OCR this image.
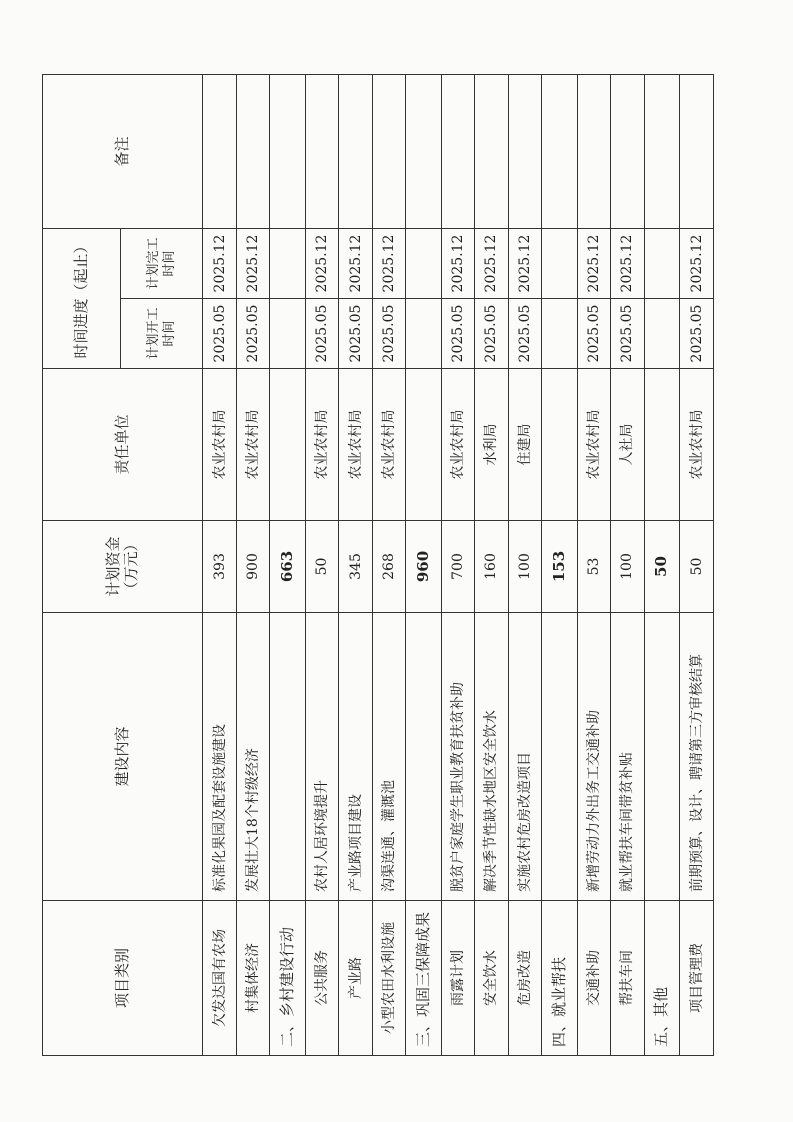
项目类别	建设内容	计划资金（万元）	责任单位	时间进度（起止）		备注
				计划开工时间	计划完工时间	
欠发达国有农场	标准化果园及配套设施建设	393	农业农村局	2025.05	2025.12	
村集体经济	发展壮大18个村级经济	900	农业农村局	2025.05	2025.12	
二、乡村建设行动		663				
公共服务	农村人居环境提升	50	农业农村局	2025.05	2025.12	
产业路	产业路项目建设	345	农业农村局	2025.05	2025.12	
小型农田水利设施	沟渠连通、灌溉池	268	农业农村局	2025.05	2025.12	
三、巩固三保障成果		960				
雨露计划	脱贫户家庭学生职业教育扶贫补助	700	农业农村局	2025.05	2025.12	
安全饮水	解决季节性缺水地区安全饮水	160	水利局	2025.05	2025.12	
危房改造	实施农村危房改造项目	100	住建局	2025.05	2025.12	
四、就业帮扶		153				
交通补助	新增劳动力外出务工交通补助	53	农业农村局	2025.05	2025.12	
帮扶车间	就业帮扶车间带贫补贴	100	人社局	2025.05	2025.12	
五、其他		50				
项目管理费	前期预算、设计、聘请第三方审核结算	50	农业农村局	2025.05	2025.12	
